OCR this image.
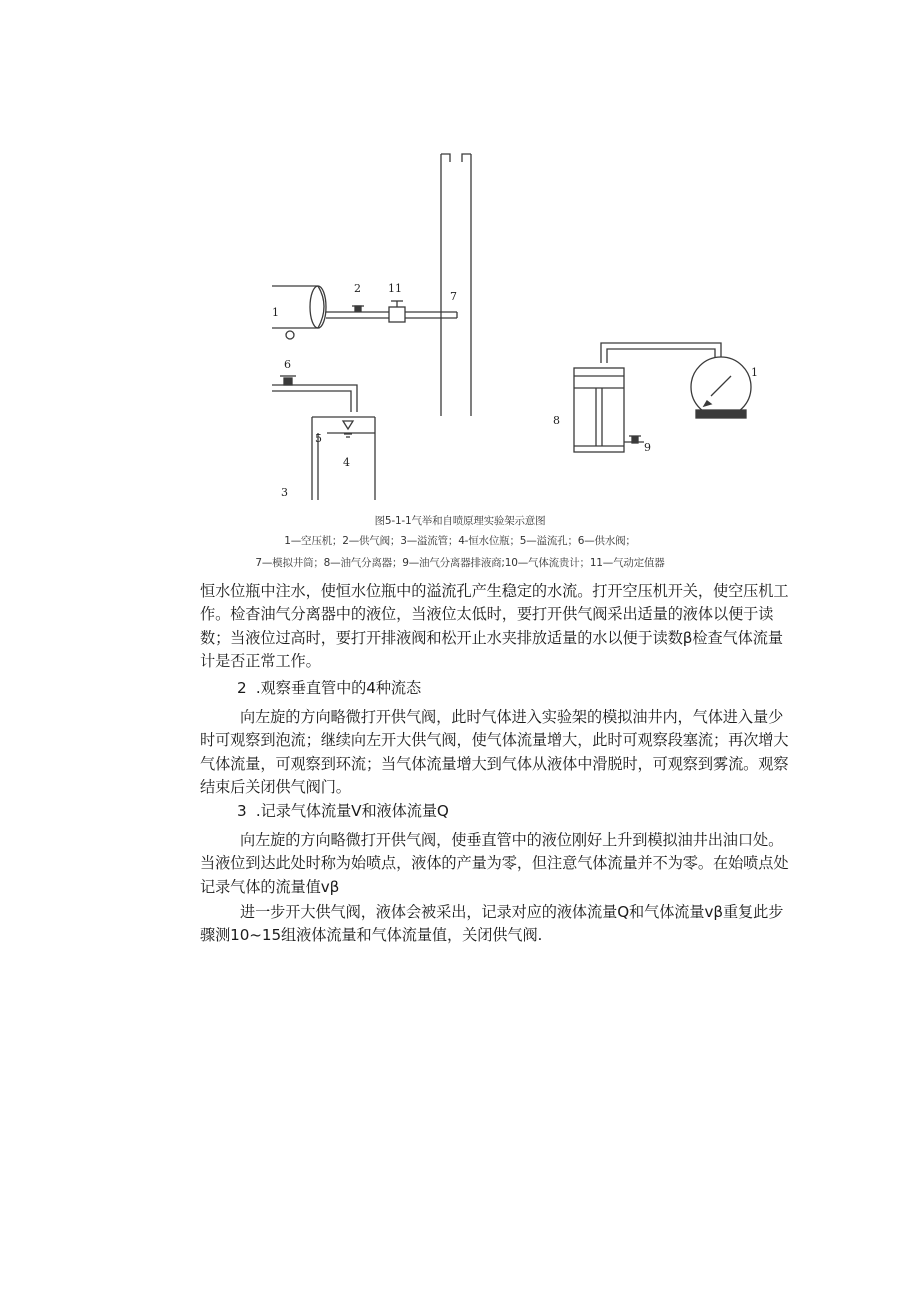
1
2 11
7
6
5
4
3
8
9
1
图5-1-1气举和自喷原理实验架示意图
1—空压机；2—供气阀；3—溢流管；4-恒水位瓶；5—溢流孔；6—供水阀；
7—模拟井筒；8—油气分离器；9—油气分离器排液商;10—气体流贵计；11—气动定值器

恒水位瓶中注水，使恒水位瓶中的溢流孔产生稳定的水流。打开空压机开关，使空压机工作。检杳油气分离器中的液位，当液位太低时，要打开供气阀采出适量的液体以便于读数；当液位过高时，要打开排液阀和松开止水夹排放适量的水以便于读数β检查气体流量计是否正常工作。

2	.观察垂直管中的4种流态

向左旋的方向略微打开供气阀，此时气体进入实验架的模拟油井内，气体进入量少时可观察到泡流；继续向左开大供气阀，使气体流量增大，此时可观察段塞流；再次增大气体流量，可观察到环流；当气体流量增大到气体从液体中滑脱时，可观察到雾流。观察结束后关闭供气阀门。

3	.记录气体流量V和液体流量Q

向左旋的方向略微打开供气阀，使垂直管中的液位刚好上升到模拟油井出油口处。当液位到达此处时称为始喷点，液体的产量为零，但注意气体流量并不为零。在始喷点处记录气体的流量值vβ

进一步开大供气阀，液体会被采出，记录对应的液体流量Q和气体流量vβ重复此步骤测10~15组液体流量和气体流量值，关闭供气阀.
